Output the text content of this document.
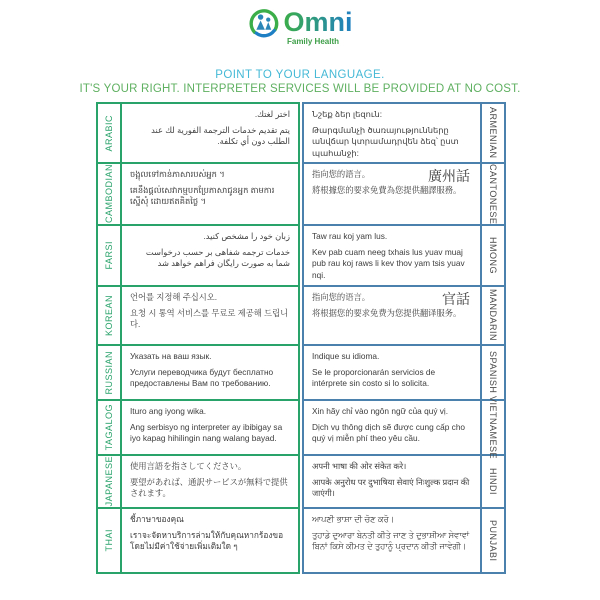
Omni
Family Health
POINT TO YOUR LANGUAGE.
IT'S YOUR RIGHT. INTERPRETER SERVICES WILL BE PROVIDED AT NO COST.
ARABIC

اختر لغتك.

يتم تقديم خدمات الترجمة الفورية لك عند الطلب دون أي تكلفة.

CAMBODIAN ចង្អុលទៅកាន់ភាសារបស់អ្នក ។

គេនឹងផ្តល់សេវាកម្មបកប្រែភាសាជូនអ្នក តាមការស្នើសុំ ដោយឥតគិតថ្លៃ ។

FARSI

زبان خود را مشخص كنيد.

خدمات ترجمه شفاهی بر حسب درخواست شما به صورت رايگان فراهم خواهد شد

KOREAN 언어를 지정해 주십시오.

요청 시 통역 서비스를 무료로 제공해 드립니다.

RUSSIAN Указать на ваш язык.

Услуги переводчика будут бесплатно предоставлены Вам по требованию.

TAGALOG Ituro ang iyong wika.

Ang serbisyo ng interpreter ay ibibigay sa iyo kapag hihilingin nang walang bayad.

JAPANESE 使用言語を指さしてください。

要望があれば、通訳サービスが無料で提供されます。

THAI

ชี้ภาษาของคุณ

เราจะจัดหาบริการล่ามให้กับคุณหากร้องขอ โดยไม่มีค่าใช้จ่ายเพิ่มเติมใด ๆ

Նշեք ձեր լեզուն:

Թարգմանչի ծառայությունները անվճար կտրամադրվեն ձեզ՝ ըստ պահանջի:	ARMENIAN
廣州話

指向您的語言。

將根據您的要求免費為您提供翻譯服務。	CANTONESE

Taw rau koj yam lus.

Kev pab cuam neeg txhais lus yuav muaj pub rau koj raws li kev thov yam tsis yuav nqi.

HMONG
官話

指向您的语言。

将根据您的要求免费为您提供翻译服务。	MANDARIN

Indique su idioma.

Se le proporcionarán servicios de intérprete sin costo si lo solicita.	SPANISH

Xin hãy chỉ vào ngôn ngữ của quý vị.

Dịch vụ thông dịch sẽ được cung cấp cho quý vị miễn phí theo yêu cầu.	VIETNAMESE

अपनी भाषा की ओर संकेत करे।

आपके अनुरोध पर दुभाषिया सेवाएं निःशुल्क प्रदान की जाएंगी।	HINDI

ਆਪਣੀ ਭਾਸ਼ਾ ਦੀ ਚੋਣ ਕਰੋ।

ਤੁਹਾਡੇ ਦੁਆਰਾ ਬੇਨਤੀ ਕੀਤੇ ਜਾਣ ਤੇ ਦੁਭਾਸ਼ੀਆ ਸੇਵਾਵਾਂ ਬਿਨਾਂ ਕਿਸੇ ਕੀਮਤ ਦੇ ਤੁਹਾਨੂੰ ਪ੍ਰਦਾਨ ਕੀਤੀ ਜਾਵੇਗੀ।	PUNJABI
